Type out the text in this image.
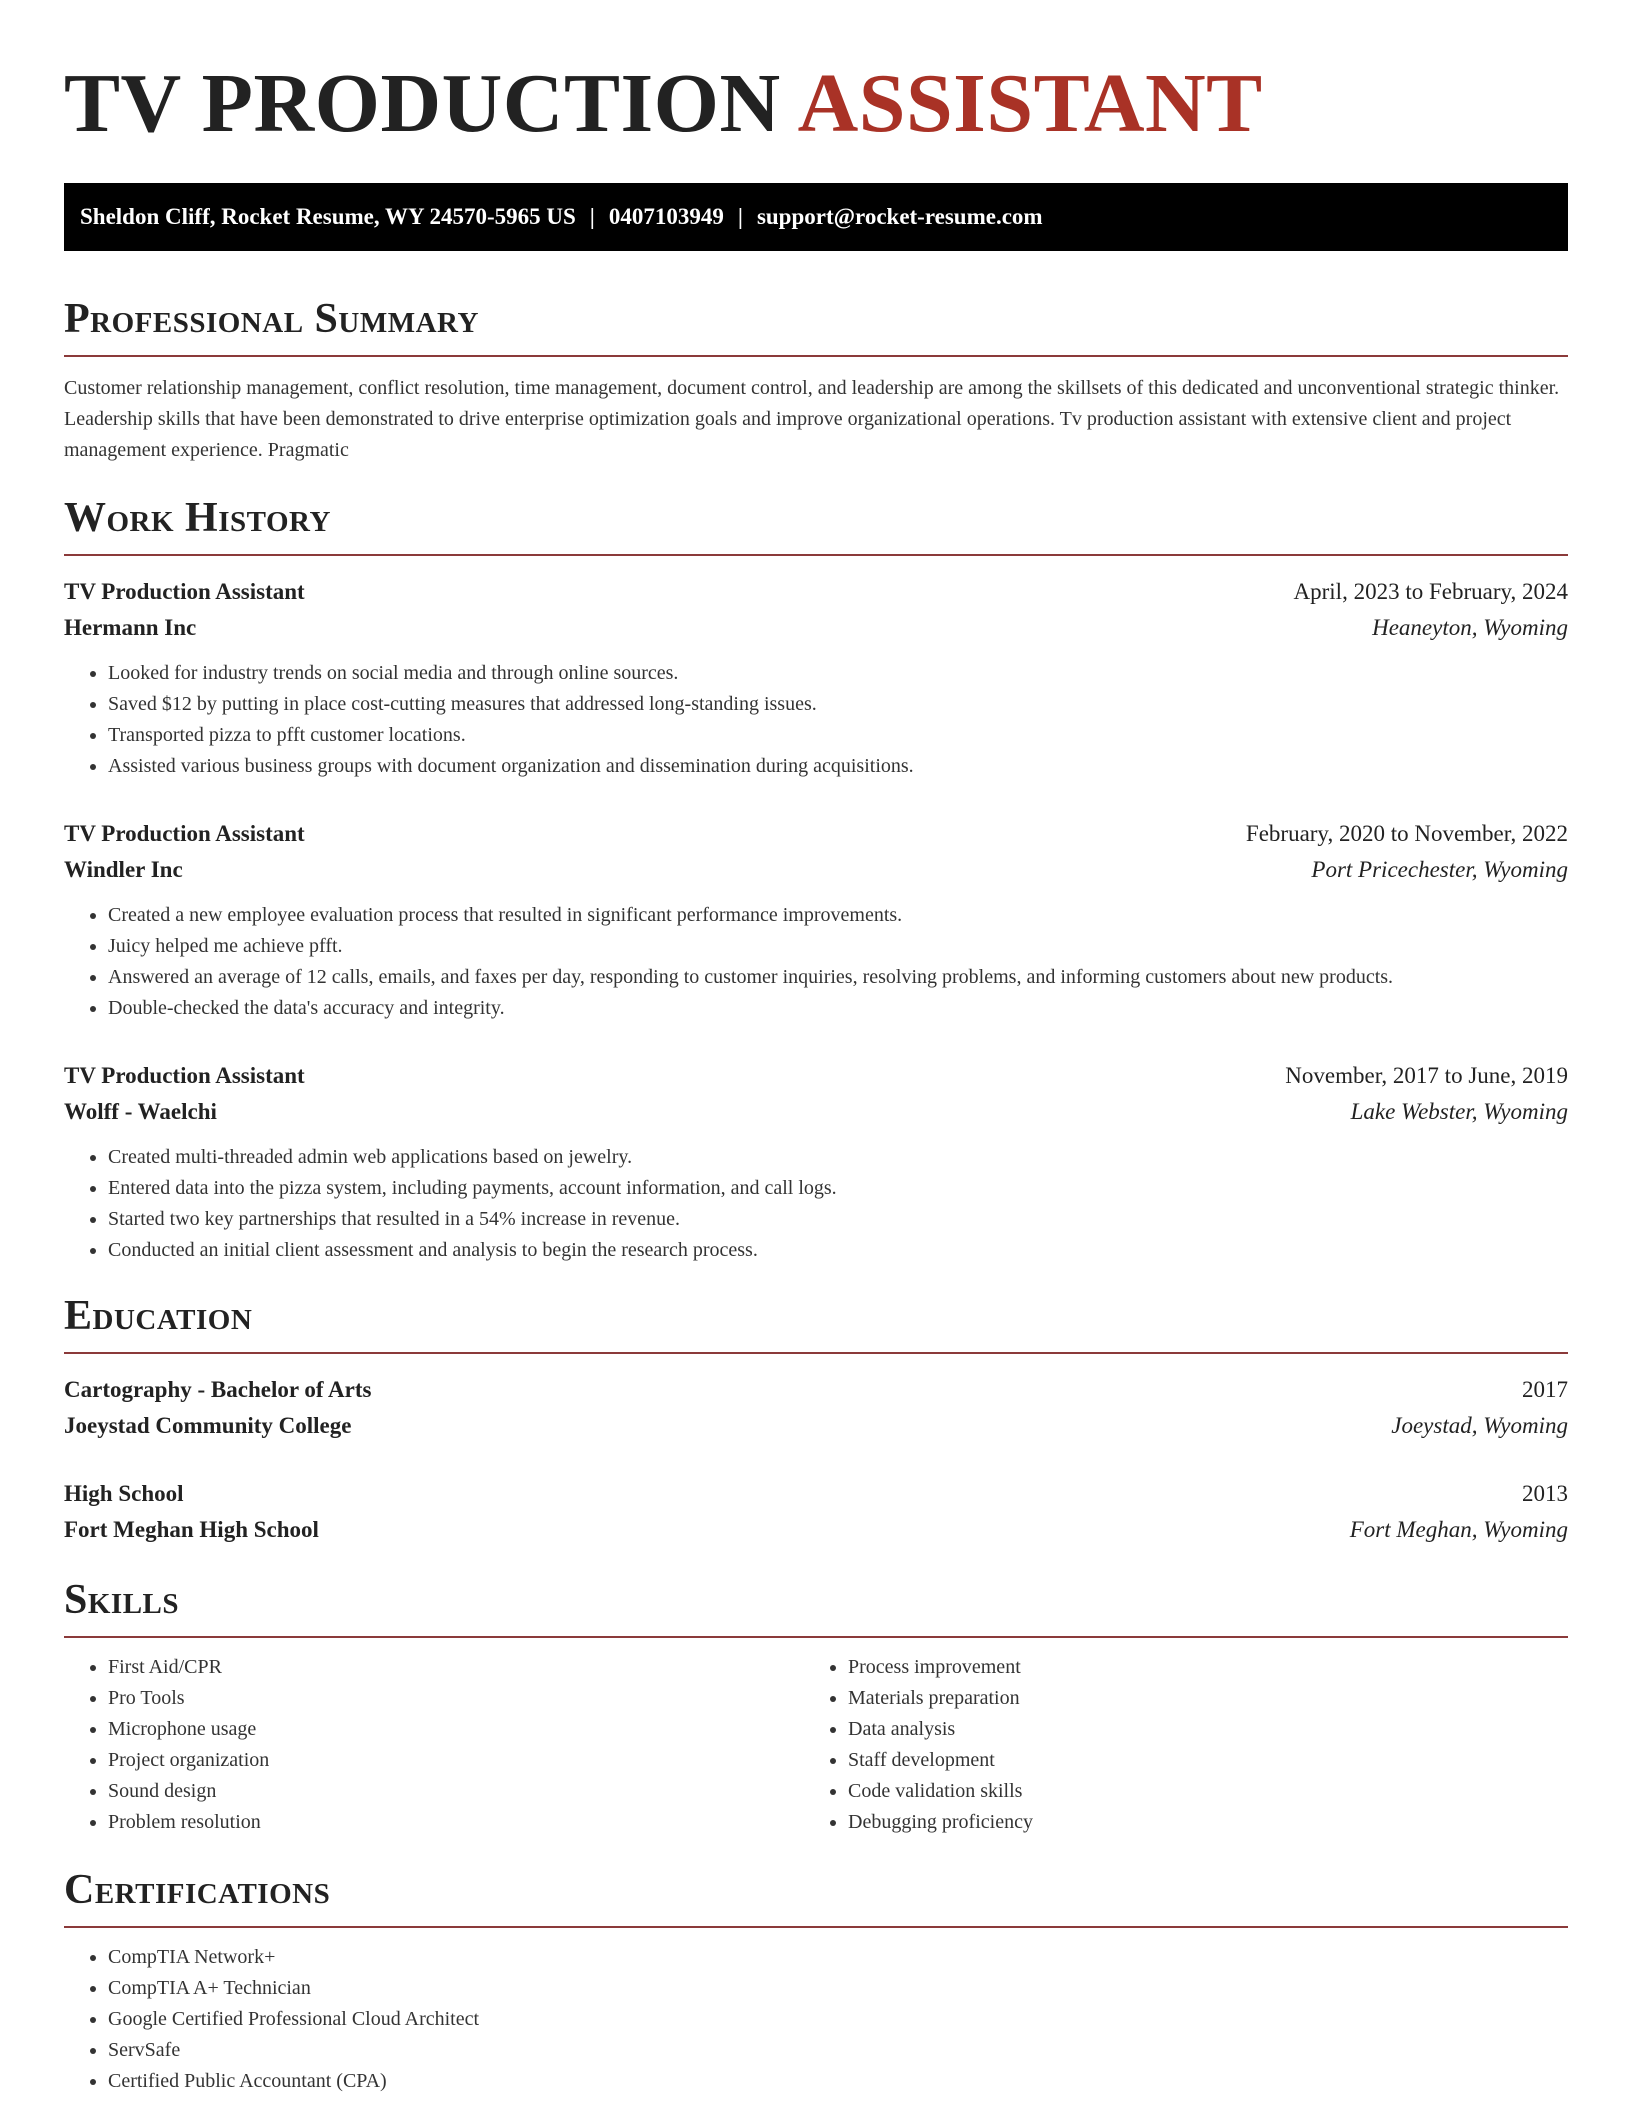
TV PRODUCTION ASSISTANT
Sheldon Cliff, Rocket Resume, WY 24570-5965 US | 0407103949 | support@rocket-resume.com
Professional Summary

Customer relationship management, conflict resolution, time management, document control, and leadership are among the skillsets of this dedicated and unconventional strategic thinker. Leadership skills that have been demonstrated to drive enterprise optimization goals and improve organizational operations. Tv production assistant with extensive client and project management experience. Pragmatic

Work History
TV Production Assistant	April, 2023 to February, 2024
Hermann Inc	Heaneyton, Wyoming
• Looked for industry trends on social media and through online sources.
• Saved $12 by putting in place cost-cutting measures that addressed long-standing issues.
• Transported pizza to pfft customer locations.
• Assisted various business groups with document organization and dissemination during acquisitions.
TV Production Assistant	February, 2020 to November, 2022
Windler Inc	Port Pricechester, Wyoming
• Created a new employee evaluation process that resulted in significant performance improvements.
• Juicy helped me achieve pfft.
• Answered an average of 12 calls, emails, and faxes per day, responding to customer inquiries, resolving problems, and informing customers about new products.
• Double-checked the data's accuracy and integrity.
TV Production Assistant	November, 2017 to June, 2019
Wolff - Waelchi	Lake Webster, Wyoming
• Created multi-threaded admin web applications based on jewelry.
• Entered data into the pizza system, including payments, account information, and call logs.
• Started two key partnerships that resulted in a 54% increase in revenue.
• Conducted an initial client assessment and analysis to begin the research process.
Education
Cartography - Bachelor of Arts	2017
Joeystad Community College	Joeystad, Wyoming
High School	2013
Fort Meghan High School	Fort Meghan, Wyoming
Skills
• First Aid/CPR
• Pro Tools
• Microphone usage
• Project organization
• Sound design
• Problem resolution
• Process improvement
• Materials preparation
• Data analysis
• Staff development
• Code validation skills
• Debugging proficiency
Certifications
• CompTIA Network+
• CompTIA A+ Technician
• Google Certified Professional Cloud Architect
• ServSafe
• Certified Public Accountant (CPA)
